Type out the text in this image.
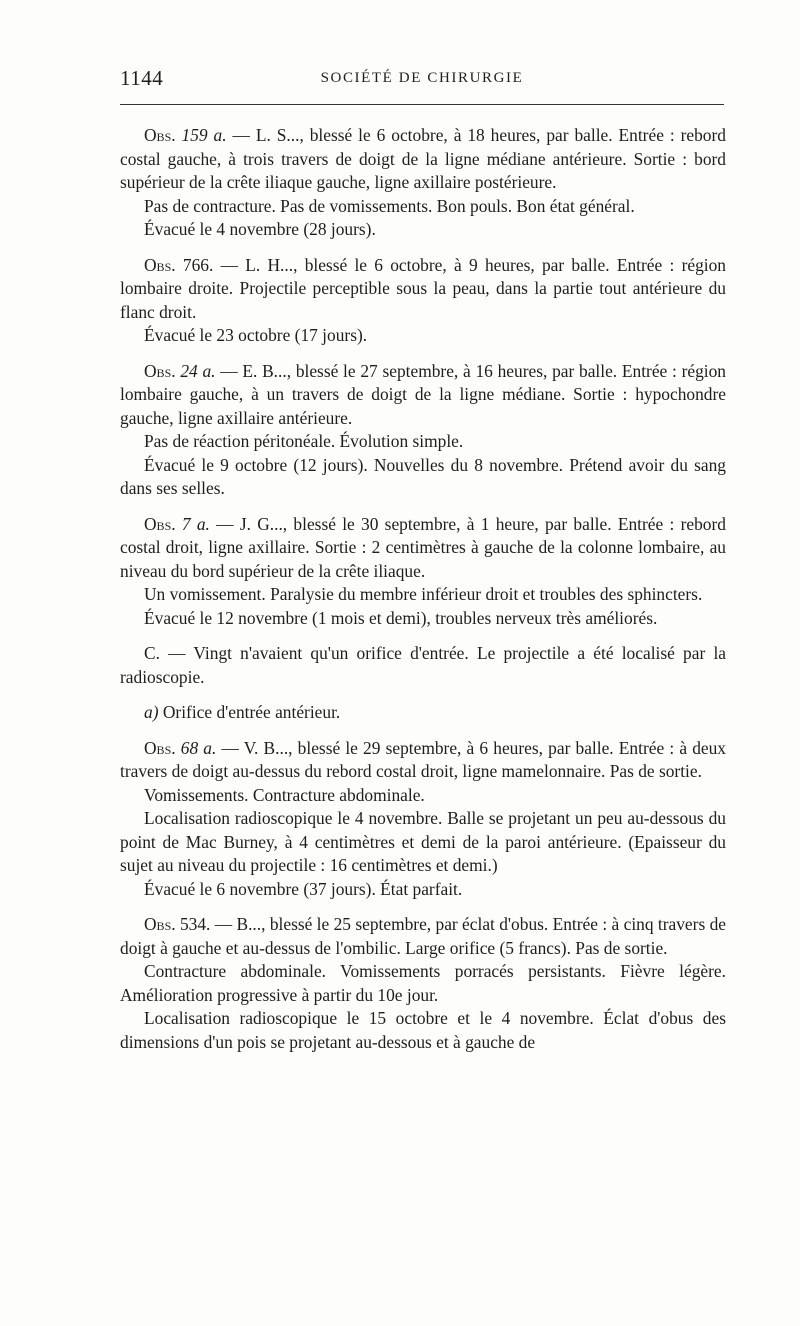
1144	SOCIÉTÉ DE CHIRURGIE

Obs. 159 a. — L. S..., blessé le 6 octobre, à 18 heures, par balle. Entrée : rebord costal gauche, à trois travers de doigt de la ligne médiane antérieure. Sortie : bord supérieur de la crête iliaque gauche, ligne axillaire postérieure.

Pas de contracture. Pas de vomissements. Bon pouls. Bon état général.

Évacué le 4 novembre (28 jours).

Obs. 766. — L. H..., blessé le 6 octobre, à 9 heures, par balle. Entrée : région lombaire droite. Projectile perceptible sous la peau, dans la partie tout antérieure du flanc droit.

Évacué le 23 octobre (17 jours).

Obs. 24 a. — E. B..., blessé le 27 septembre, à 16 heures, par balle. Entrée : région lombaire gauche, à un travers de doigt de la ligne médiane. Sortie : hypochondre gauche, ligne axillaire antérieure.

Pas de réaction péritonéale. Évolution simple.

Évacué le 9 octobre (12 jours). Nouvelles du 8 novembre. Prétend avoir du sang dans ses selles.

Obs. 7 a. — J. G..., blessé le 30 septembre, à 1 heure, par balle. Entrée : rebord costal droit, ligne axillaire. Sortie : 2 centimètres à gauche de la colonne lombaire, au niveau du bord supérieur de la crête iliaque.

Un vomissement. Paralysie du membre inférieur droit et troubles des sphincters.

Évacué le 12 novembre (1 mois et demi), troubles nerveux très améliorés.

C. — Vingt n'avaient qu'un orifice d'entrée. Le projectile a été localisé par la radioscopie.

a) Orifice d'entrée antérieur.

Obs. 68 a. — V. B..., blessé le 29 septembre, à 6 heures, par balle. Entrée : à deux travers de doigt au-dessus du rebord costal droit, ligne mamelonnaire. Pas de sortie.

Vomissements. Contracture abdominale.

Localisation radioscopique le 4 novembre. Balle se projetant un peu au-dessous du point de Mac Burney, à 4 centimètres et demi de la paroi antérieure. (Epaisseur du sujet au niveau du projectile : 16 centimètres et demi.)

Évacué le 6 novembre (37 jours). État parfait.

Obs. 534. — B..., blessé le 25 septembre, par éclat d'obus. Entrée : à cinq travers de doigt à gauche et au-dessus de l'ombilic. Large orifice (5 francs). Pas de sortie.

Contracture abdominale. Vomissements porracés persistants. Fièvre légère. Amélioration progressive à partir du 10e jour.

Localisation radioscopique le 15 octobre et le 4 novembre. Éclat d'obus des dimensions d'un pois se projetant au-dessous et à gauche de
